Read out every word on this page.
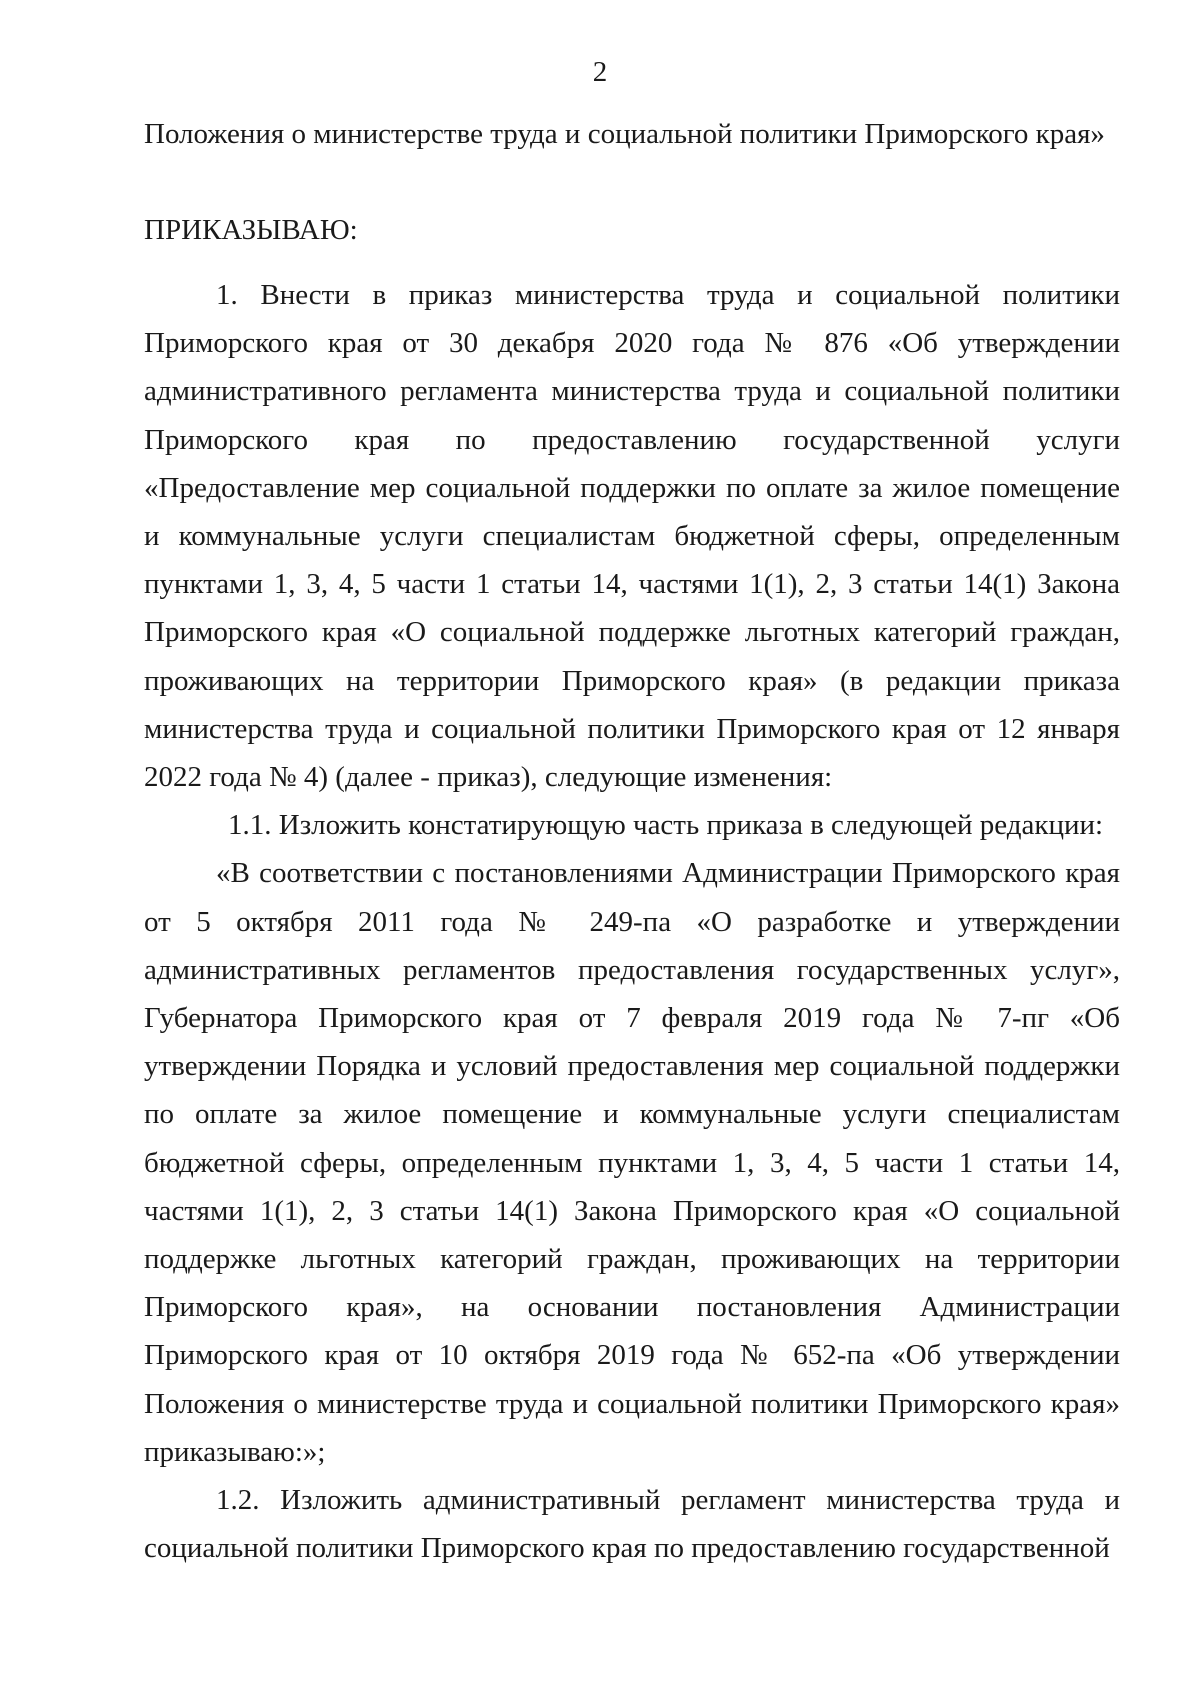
2
Положения о министерстве труда и социальной политики Приморского края»
ПРИКАЗЫВАЮ:

1. Внести в приказ министерства труда и социальной политики Приморского края от 30 декабря 2020 года № 876 «Об утверждении административного регламента министерства труда и социальной политики Приморского края по предоставлению государственной услуги «Предоставление мер социальной поддержки по оплате за жилое помещение и коммунальные услуги специалистам бюджетной сферы, определенным пунктами 1, 3, 4, 5 части 1 статьи 14, частями 1(1), 2, 3 статьи 14(1) Закона Приморского края «О социальной поддержке льготных категорий граждан, проживающих на территории Приморского края» (в редакции приказа министерства труда и социальной политики Приморского края от 12 января 2022 года № 4) (далее - приказ), следующие изменения:

1.1. Изложить констатирующую часть приказа в следующей редакции:

«В соответствии с постановлениями Администрации Приморского края от 5 октября 2011 года № 249-па «О разработке и утверждении административных регламентов предоставления государственных услуг», Губернатора Приморского края от 7 февраля 2019 года № 7-пг «Об утверждении Порядка и условий предоставления мер социальной поддержки по оплате за жилое помещение и коммунальные услуги специалистам бюджетной сферы, определенным пунктами 1, 3, 4, 5 части 1 статьи 14, частями 1(1), 2, 3 статьи 14(1) Закона Приморского края «О социальной поддержке льготных категорий граждан, проживающих на территории Приморского края», на основании постановления Администрации Приморского края от 10 октября 2019 года № 652-па «Об утверждении Положения о министерстве труда и социальной политики Приморского края» приказываю:»;

1.2. Изложить административный регламент министерства труда и социальной политики Приморского края по предоставлению государственной
